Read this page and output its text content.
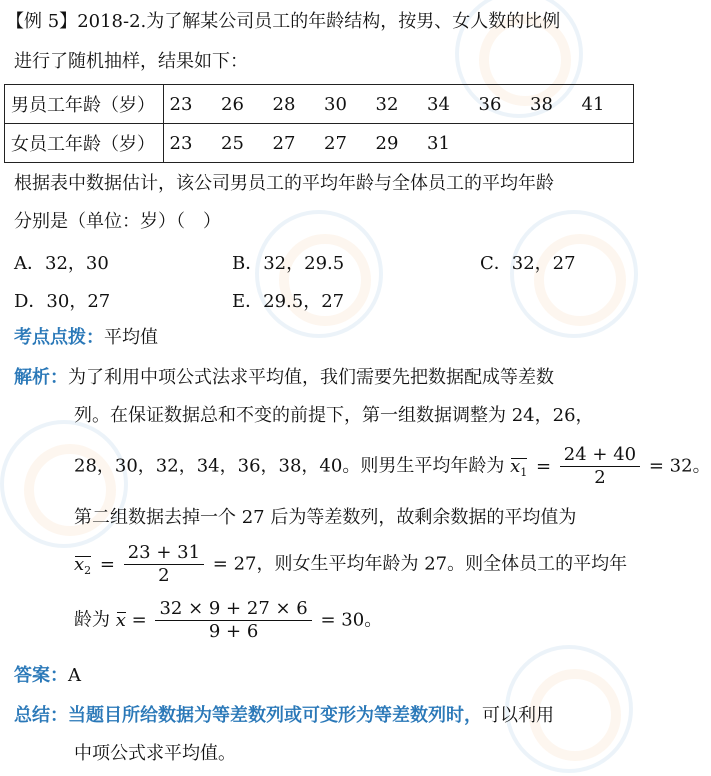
【例 5】2018-2.为了解某公司员工的年龄结构，按男、女人数的比例
进行了随机抽样，结果如下：
男员工年龄（岁）	23 26 28 30 32 34 36 38 41
女员工年龄（岁）	23 25 27 27 29 31
根据表中数据估计，该公司男员工的平均年龄与全体员工的平均年龄
分别是（单位：岁）（　）
A．32，30	B．32，29.5	C．32，27
D．30，27	E．29.5，27
考点点拨：平均值
解析：为了利用中项公式法求平均值，我们需要先把数据配成等差数
列。在保证数据总和不变的前提下，第一组数据调整为 24，26，
28，30，32，34，36，38，40。则男生平均年龄为 $x_1 = \frac{24 + 40}{2} = 32$。
第二组数据去掉一个 27 后为等差数列，故剩余数据的平均值为
$x_2 = \frac{23 + 31}{2} = 27$，则女生平均年龄为 27。则全体员工的平均年
龄为 $x = \frac{32 \times 9 + 27 \times 6}{9 + 6} = 30$。
答案：A
总结：当题目所给数据为等差数列或可变形为等差数列时，可以利用
中项公式求平均值。
